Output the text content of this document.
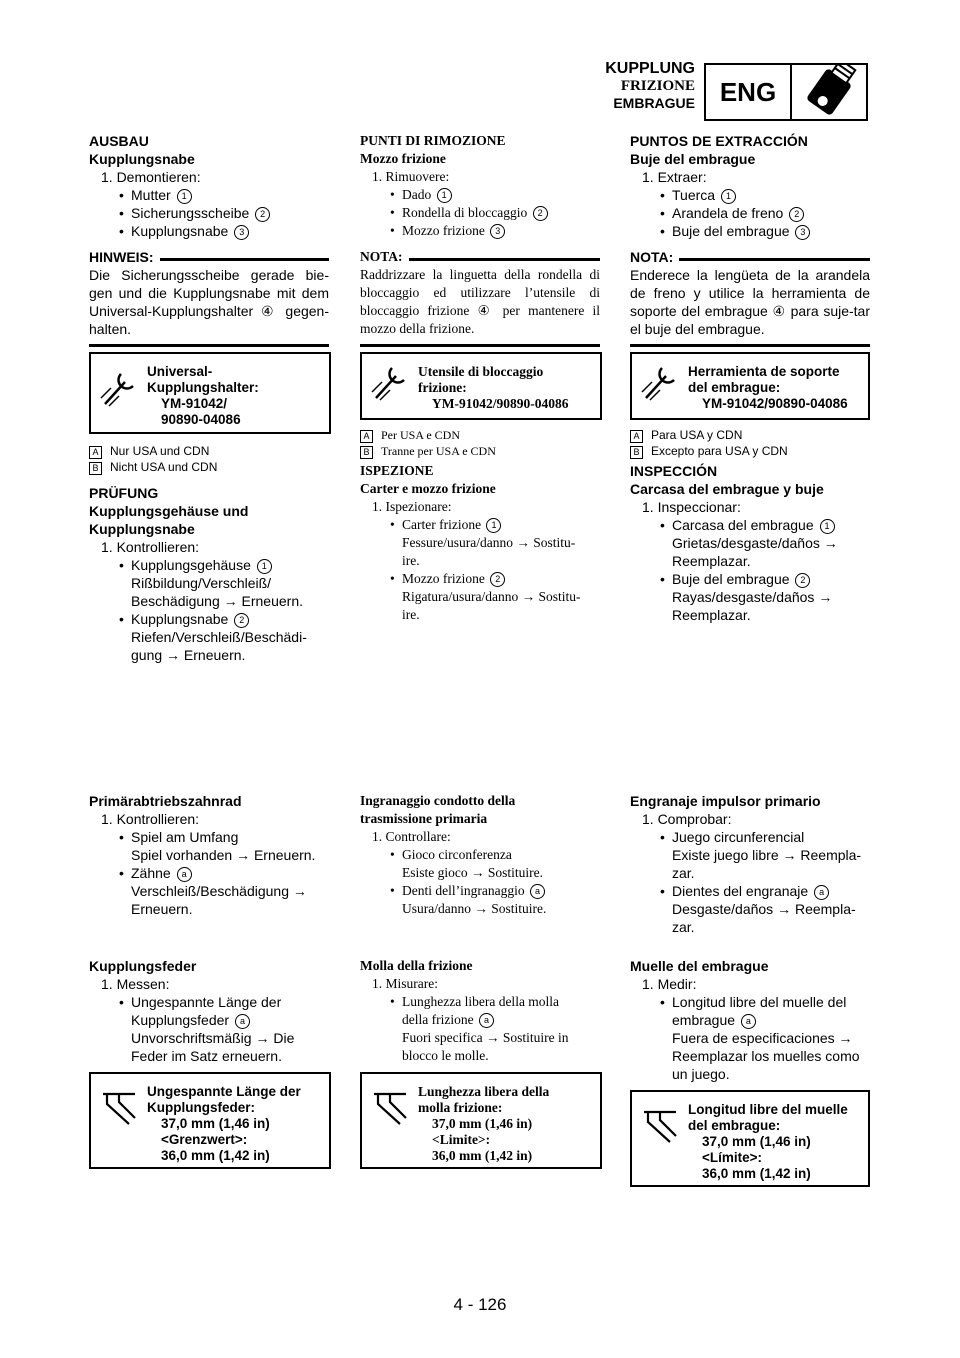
KUPPLUNG
FRIZIONE
EMBRAGUE ENG
AUSBAU
Kupplungsnabe
1. Demontieren:
• Mutter 1
• Sicherungsscheibe 2
• Kupplungsnabe 3
HINWEIS:
Die Sicherungsscheibe gerade bie-gen und die Kupplungsnabe mit dem Universal-Kupplungshalter ④ gegen-halten.
Universal-
Kupplungshalter:
YM-91042/
90890-04086
A Nur USA und CDN
B Nicht USA und CDN
PRÜFUNG
Kupplungsgehäuse und
Kupplungsnabe
1. Kontrollieren:
• Kupplungsgehäuse 1
Rißbildung/Verschleiß/
Beschädigung → Erneuern.
• Kupplungsnabe 2
Riefen/Verschleiß/Beschädi-
gung → Erneuern.
Primärabtriebszahnrad
1. Kontrollieren:
• Spiel am Umfang
Spiel vorhanden → Erneuern.
• Zähne a
Verschleiß/Beschädigung →
Erneuern.
Kupplungsfeder
1. Messen:
• Ungespannte Länge der
Kupplungsfeder a
Unvorschriftsmäßig → Die
Feder im Satz erneuern.
Ungespannte Länge der
Kupplungsfeder:
37,0 mm (1,46 in)
<Grenzwert>:
36,0 mm (1,42 in)
PUNTI DI RIMOZIONE
Mozzo frizione
1. Rimuovere:
• Dado 1
• Rondella di bloccaggio 2
• Mozzo frizione 3
NOTA:
Raddrizzare la linguetta della rondella di bloccaggio ed utilizzare l’utensile di bloccaggio frizione ④ per mantenere il mozzo della frizione.
Utensile di bloccaggio
frizione:
YM-91042/90890-04086
A Per USA e CDN
B Tranne per USA e CDN
ISPEZIONE
Carter e mozzo frizione
1. Ispezionare:
• Carter frizione 1
Fessure/usura/danno → Sostitu-
ire.
• Mozzo frizione 2
Rigatura/usura/danno → Sostitu-
ire.
Ingranaggio condotto della
trasmissione primaria
1. Controllare:
• Gioco circonferenza
Esiste gioco → Sostituire.
• Denti dell’ingranaggio a
Usura/danno → Sostituire.
Molla della frizione
1. Misurare:
• Lunghezza libera della molla
della frizione a
Fuori specifica → Sostituire in
blocco le molle.
Lunghezza libera della
molla frizione:
37,0 mm (1,46 in)
<Limite>:
36,0 mm (1,42 in)
PUNTOS DE EXTRACCIÓN
Buje del embrague
1. Extraer:
• Tuerca 1
• Arandela de freno 2
• Buje del embrague 3
NOTA:
Enderece la lengüeta de la arandela de freno y utilice la herramienta de soporte del embrague ④ para suje-tar el buje del embrague.
Herramienta de soporte
del embrague:
YM-91042/90890-04086
A Para USA y CDN
B Excepto para USA y CDN
INSPECCIÓN
Carcasa del embrague y buje
1. Inspeccionar:
• Carcasa del embrague 1
Grietas/desgaste/daños →
Reemplazar.
• Buje del embrague 2
Rayas/desgaste/daños →
Reemplazar.
Engranaje impulsor primario
1. Comprobar:
• Juego circunferencial
Existe juego libre → Reempla-
zar.
• Dientes del engranaje a
Desgaste/daños → Reempla-
zar.
Muelle del embrague
1. Medir:
• Longitud libre del muelle del
embrague a
Fuera de especificaciones →
Reemplazar los muelles como
un juego.
Longitud libre del muelle
del embrague:
37,0 mm (1,46 in)
<Límite>:
36,0 mm (1,42 in)
4 - 126
